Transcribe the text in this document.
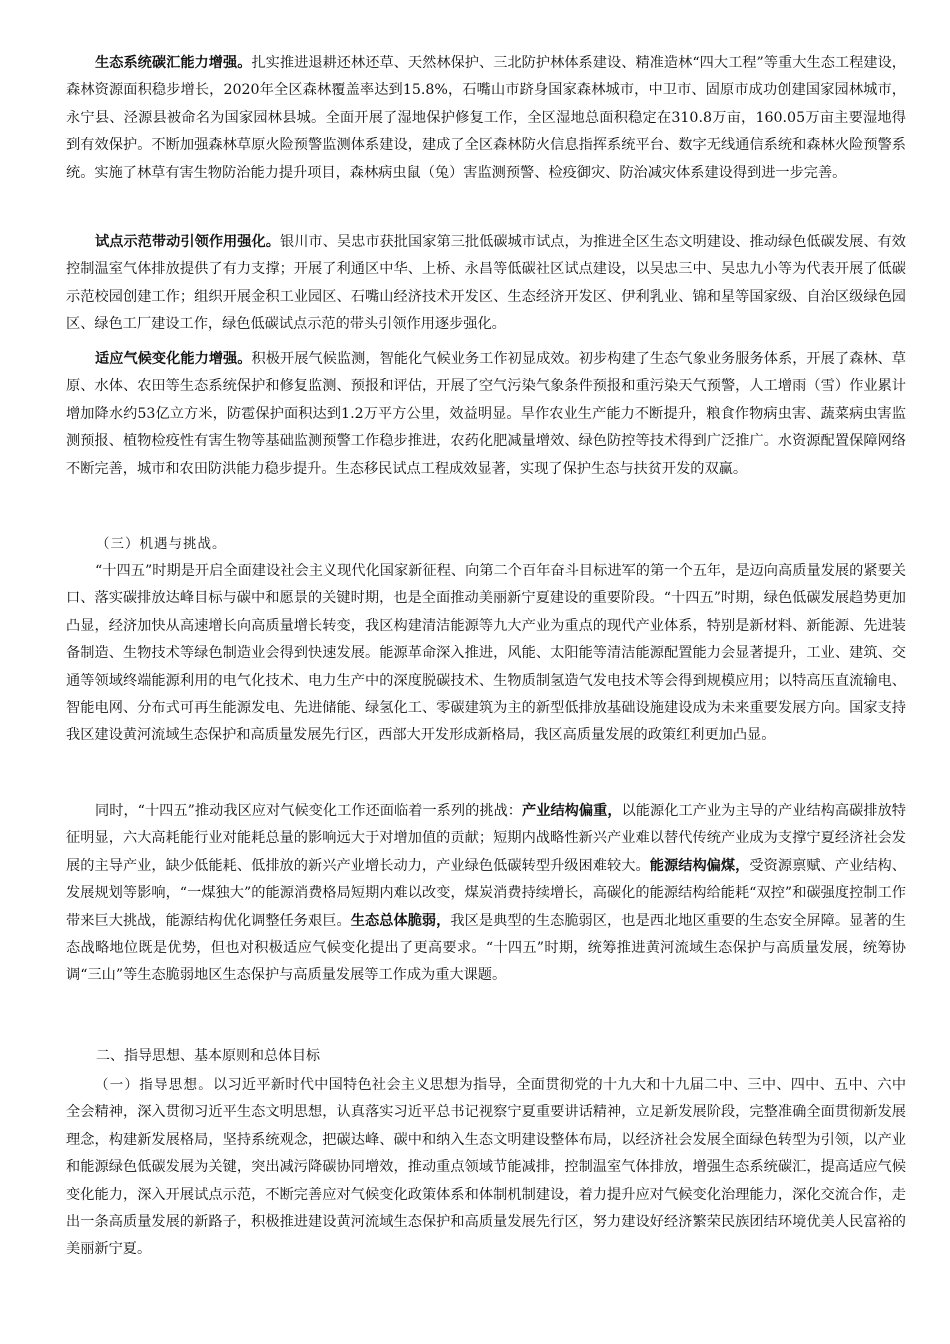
生态系统碳汇能力增强。扎实推进退耕还林还草、天然林保护、三北防护林体系建设、精准造林“四大工程”等重大生态工程建设，森林资源面积稳步增长，2020年全区森林覆盖率达到15.8%，石嘴山市跻身国家森林城市，中卫市、固原市成功创建国家园林城市，永宁县、泾源县被命名为国家园林县城。全面开展了湿地保护修复工作，全区湿地总面积稳定在310.8万亩，160.05万亩主要湿地得到有效保护。不断加强森林草原火险预警监测体系建设，建成了全区森林防火信息指挥系统平台、数字无线通信系统和森林火险预警系统。实施了林草有害生物防治能力提升项目，森林病虫鼠（兔）害监测预警、检疫御灾、防治减灾体系建设得到进一步完善。

试点示范带动引领作用强化。银川市、吴忠市获批国家第三批低碳城市试点，为推进全区生态文明建设、推动绿色低碳发展、有效控制温室气体排放提供了有力支撑；开展了利通区中华、上桥、永昌等低碳社区试点建设，以吴忠三中、吴忠九小等为代表开展了低碳示范校园创建工作；组织开展金积工业园区、石嘴山经济技术开发区、生态经济开发区、伊利乳业、锦和星等国家级、自治区级绿色园区、绿色工厂建设工作，绿色低碳试点示范的带头引领作用逐步强化。

适应气候变化能力增强。积极开展气候监测，智能化气候业务工作初显成效。初步构建了生态气象业务服务体系，开展了森林、草原、水体、农田等生态系统保护和修复监测、预报和评估，开展了空气污染气象条件预报和重污染天气预警，人工增雨（雪）作业累计增加降水约53亿立方米，防雹保护面积达到1.2万平方公里，效益明显。旱作农业生产能力不断提升，粮食作物病虫害、蔬菜病虫害监测预报、植物检疫性有害生物等基础监测预警工作稳步推进，农药化肥减量增效、绿色防控等技术得到广泛推广。水资源配置保障网络不断完善，城市和农田防洪能力稳步提升。生态移民试点工程成效显著，实现了保护生态与扶贫开发的双赢。

（三）机遇与挑战。

“十四五”时期是开启全面建设社会主义现代化国家新征程、向第二个百年奋斗目标进军的第一个五年，是迈向高质量发展的紧要关口、落实碳排放达峰目标与碳中和愿景的关键时期，也是全面推动美丽新宁夏建设的重要阶段。“十四五”时期，绿色低碳发展趋势更加凸显，经济加快从高速增长向高质量增长转变，我区构建清洁能源等九大产业为重点的现代产业体系，特别是新材料、新能源、先进装备制造、生物技术等绿色制造业会得到快速发展。能源革命深入推进，风能、太阳能等清洁能源配置能力会显著提升，工业、建筑、交通等领域终端能源利用的电气化技术、电力生产中的深度脱碳技术、生物质制氢造气发电技术等会得到规模应用；以特高压直流输电、智能电网、分布式可再生能源发电、先进储能、绿氢化工、零碳建筑为主的新型低排放基础设施建设成为未来重要发展方向。国家支持我区建设黄河流域生态保护和高质量发展先行区，西部大开发形成新格局，我区高质量发展的政策红利更加凸显。

同时，“十四五”推动我区应对气候变化工作还面临着一系列的挑战：产业结构偏重，以能源化工产业为主导的产业结构高碳排放特征明显，六大高耗能行业对能耗总量的影响远大于对增加值的贡献；短期内战略性新兴产业难以替代传统产业成为支撑宁夏经济社会发展的主导产业，缺少低能耗、低排放的新兴产业增长动力，产业绿色低碳转型升级困难较大。能源结构偏煤，受资源禀赋、产业结构、发展规划等影响，“一煤独大”的能源消费格局短期内难以改变，煤炭消费持续增长，高碳化的能源结构给能耗“双控”和碳强度控制工作带来巨大挑战，能源结构优化调整任务艰巨。生态总体脆弱，我区是典型的生态脆弱区，也是西北地区重要的生态安全屏障。显著的生态战略地位既是优势，但也对积极适应气候变化提出了更高要求。“十四五”时期，统筹推进黄河流域生态保护与高质量发展，统筹协调“三山”等生态脆弱地区生态保护与高质量发展等工作成为重大课题。

二、指导思想、基本原则和总体目标

（一）指导思想。以习近平新时代中国特色社会主义思想为指导，全面贯彻党的十九大和十九届二中、三中、四中、五中、六中全会精神，深入贯彻习近平生态文明思想，认真落实习近平总书记视察宁夏重要讲话精神，立足新发展阶段，完整准确全面贯彻新发展理念，构建新发展格局，坚持系统观念，把碳达峰、碳中和纳入生态文明建设整体布局，以经济社会发展全面绿色转型为引领，以产业和能源绿色低碳发展为关键，突出减污降碳协同增效，推动重点领域节能减排，控制温室气体排放，增强生态系统碳汇，提高适应气候变化能力，深入开展试点示范，不断完善应对气候变化政策体系和体制机制建设，着力提升应对气候变化治理能力，深化交流合作，走出一条高质量发展的新路子，积极推进建设黄河流域生态保护和高质量发展先行区，努力建设好经济繁荣民族团结环境优美人民富裕的美丽新宁夏。
